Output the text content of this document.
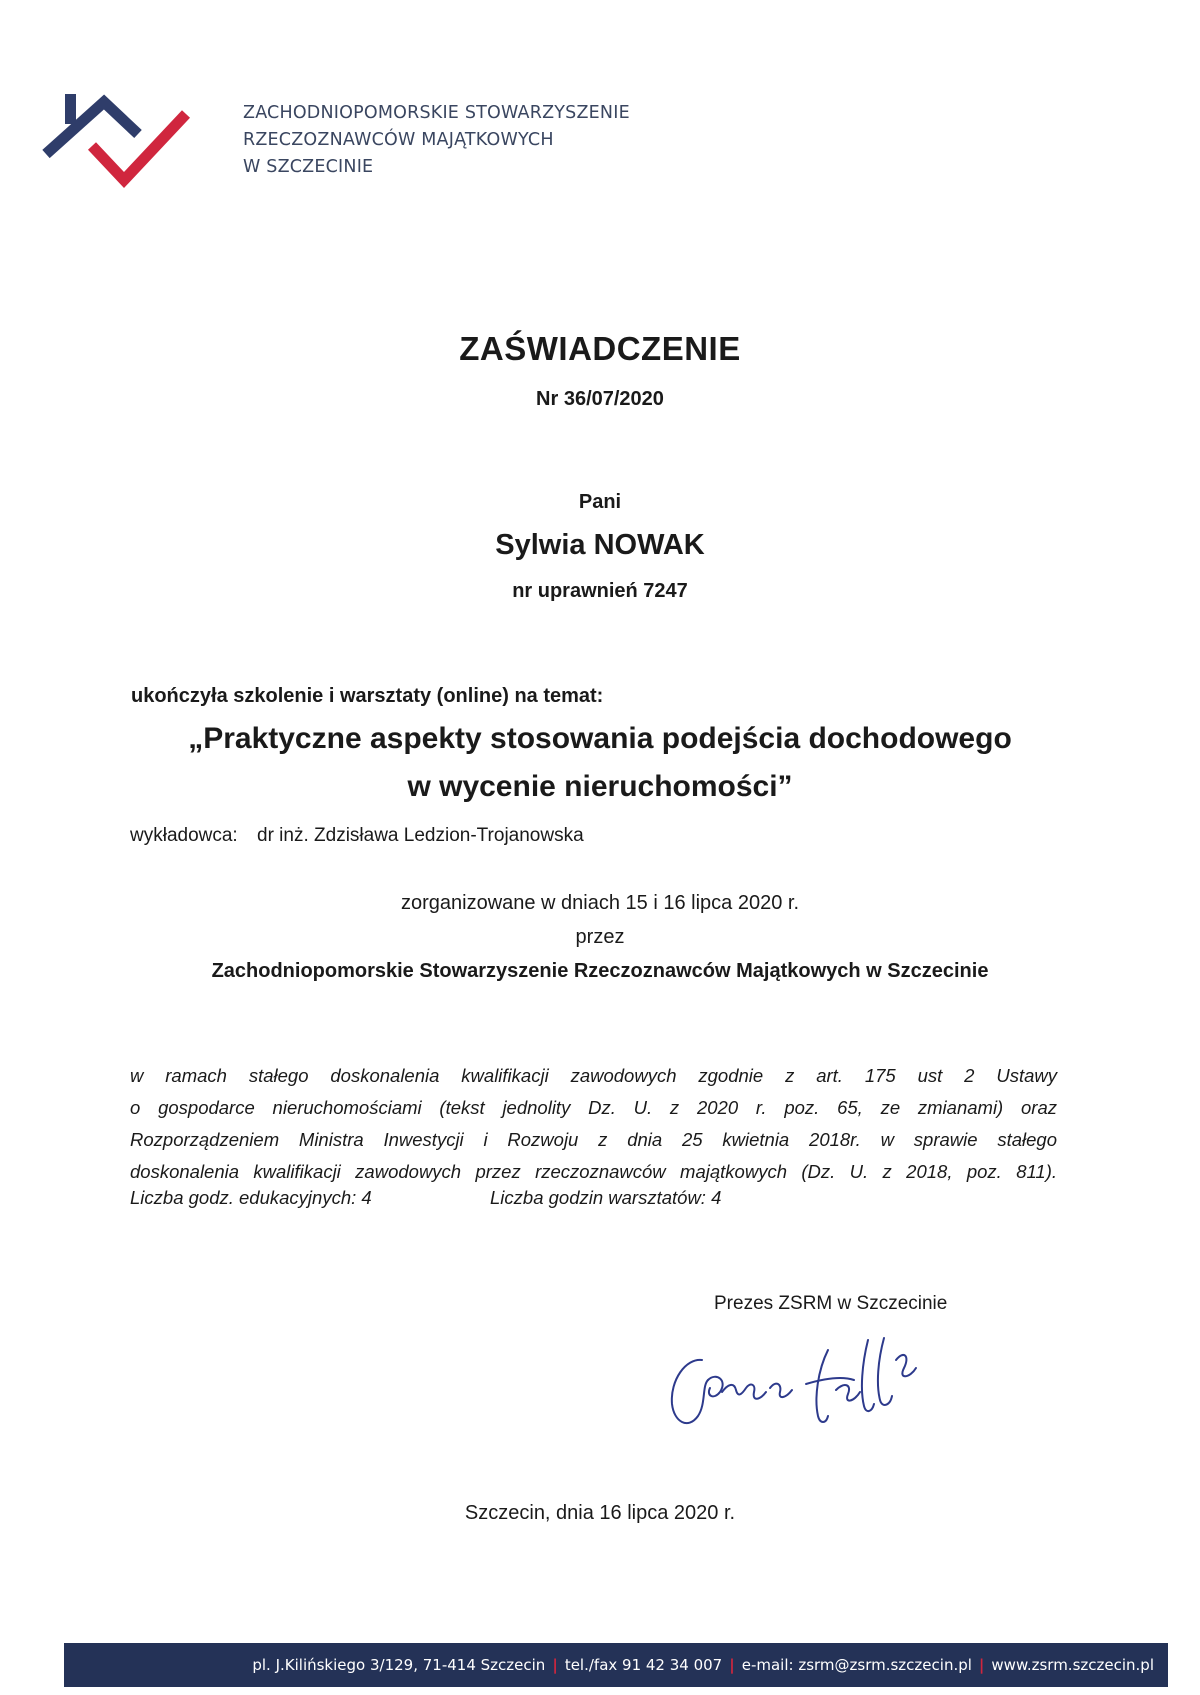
ZACHODNIOPOMORSKIE STOWARZYSZENIE
RZECZOZNAWCÓW MAJĄTKOWYCH
W SZCZECINIE
ZAŚWIADCZENIE
Nr 36/07/2020
Pani
Sylwia NOWAK
nr uprawnień 7247
ukończyła szkolenie i warsztaty (online) na temat:
„Praktyczne aspekty stosowania podejścia dochodowego
w wycenie nieruchomości”
wykładowca: dr inż. Zdzisława Ledzion-Trojanowska
zorganizowane w dniach 15 i 16 lipca 2020 r.
przez
Zachodniopomorskie Stowarzyszenie Rzeczoznawców Majątkowych w Szczecinie
w ramach stałego doskonalenia kwalifikacji zawodowych zgodnie z art. 175 ust 2 Ustawy
o gospodarce nieruchomościami (tekst jednolity Dz. U. z 2020 r. poz. 65, ze zmianami) oraz
Rozporządzeniem Ministra Inwestycji i Rozwoju z dnia 25 kwietnia 2018r. w sprawie stałego
doskonalenia kwalifikacji zawodowych przez rzeczoznawców majątkowych (Dz. U. z 2018, poz. 811).
Liczba godz. edukacyjnych: 4	Liczba godzin warsztatów: 4
Prezes ZSRM w Szczecinie
Szczecin, dnia 16 lipca 2020 r.
pl. J.Kilińskiego 3/129, 71-414 Szczecin | tel./fax 91 42 34 007 | e-mail: zsrm@zsrm.szczecin.pl | www.zsrm.szczecin.pl
